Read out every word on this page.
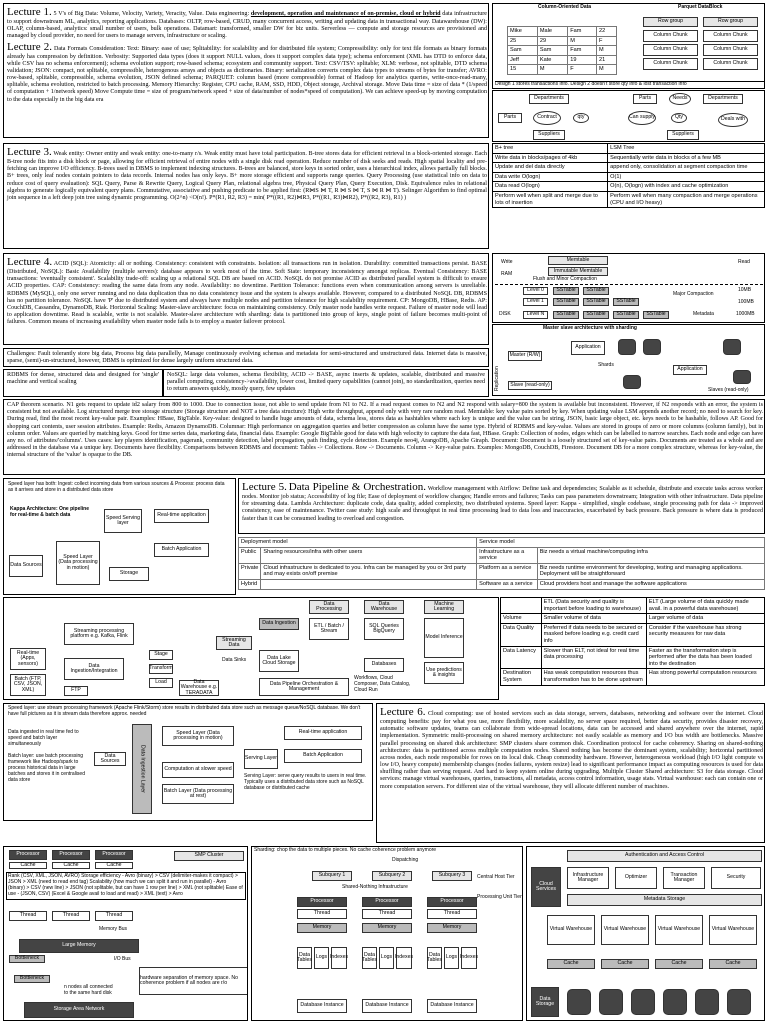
Lecture 1. 5 V's of Big Data: Volume, Velocity, Variety, Veracity, Value. Data engineering: development, operation and maintenance of on-premise, cloud or hybrid data infrastructure to support downstream ML, analytics, reporting applications. Databases: OLTP, row-based, CRUD, many concurrent access, writing and updating data in transactional way. Datawarehouse (DW): OLAP, column-based, analytics: small number of users, bulk operations. Datamart: transformed, smaller DW for biz units. Serverless — compute and storage resources are provisioned and managed by cloud provider, no need for users to manage servers, infrastructure or scaling.

Lecture 2. Data Formats Consideration: Text: Binary: ease of use; Splitability: for scalability and for distributed file system; Compressibility: only for text file formats as binary formats already has compression by definition. Verbosity: Supported data types (does it support NULL values, does it support complex data type); schema enforcement (XML has DTD to enforce data, while CSV has no schema enforcement); schema evolution support; row-based schema; ecosystem and community support. Text: CSV/TSV: splitable; XLM: verbose, not splitable, DTD schema validation; JSON: compact, not splitable, compressible, heterogenous arrays and objects as dictionaries. Binary: serialization converts complex data types to streams of bytes for transfer; AVRO: row-based, splitable, compressible, schema evolution, JSON defined schema; PARQUET: column based (more compressible) format of Hadoop for analytics queries, write-once-read-many, splitable, schema evolution, restricted to batch processing. Memory Hierarchy: Register, CPU cache, RAM, SSD, HDD, Object storage, Archival storage. Move Data time = size of data * (1/speed of computation + 1/network speed) Move Compute time = size of program/network speed + size of data/number of nodes*speed of computation). We can achieve speed-up by moving computation to the data especially in the big data era

Column-Oriented Data	Parquet DataBlock
Mike	Male	Fam	22
25	29	M	F
Sam	Sam	Fam	M
Jeff	Kate	19	21
15	M	F	M
Row group	Row group
Column Chunk
Column Chunk
Column Chunk
Column Chunk
Column Chunk
Column Chunk
Design 1 stores transactions info. Design 2 doesn't store qty info & lost transaction info
Departments
Parts	Contract
Suppliers
qty
Parts	Needs	Departments
Can supply
Suppliers
Qty	Deals with

Lecture 3. Weak entity: Owner entity and weak entity: one-to-many r/s. Weak entity must have total participation. B-tree stores data for efficient retrieval in a block-oriented storage. Each B-tree node fits into a disk block or page, allowing for efficient retrieval of entire nodes with a single disk read operation. Reduce number of disk seeks and reads. High spatial locality and pre-fetching can improve I/O efficiency. B-trees used in DBMS to implement indexing structures. B-trees are balanced, store keys in sorted order, uses a hierarchical index, allows partially full blocks. B+ trees, only leaf nodes contain pointers to data records. Internal nodes has only keys. B+ more storage efficient and supports range queries. Query Processing (use statistical info on data to reduce cost of query evaluation): SQL Query, Parse & Rewrite Query, Logical Query Plan, relational algebra tree, Physical Query Plan, Query Execution, Disk. Equivalence rules in relational algebra to generate logically equivalent query plans. Commutative, associative and pushing predicate to be applied first: (R⋈S ⋈ T, R ⋈ S ⋈ T, S ⋈ R ⋈ T). Selinger Algorithm to find optimal join sequence in a left deep join tree using dynamic programming. O(2^n) <O(n!). P*(R1, R2, R3) = min( P*((R1, R2)⋈R3, P*((R1, R3)⋈R2), P*((R2, R3), R1) )

B+ tree	LSM Tree
Write data in blocks/pages of 4kb	Sequentially write data in blocks of a few MB
Update and del data directly	append only, consolidation at segment compaction time
Data write O(logn)	O(1)
Data read O(logn)	O(n), O(logn) with index and cache optimization
Perform well when split and merge due to lots of insertion	Perform well when many compaction and merge operations (CPU and I/O heavy)

Lecture 4. ACID (SQL): Atomicity: all or nothing. Consistency: consistent with constraints. Isolation: all transactions run in isolation. Durability: committed transactions persist. BASE (Distributed, NoSQL): Basic Availability (multiple servers): database appears to work most of the time. Soft State: temporary inconsistency amongst replicas. Eventual Consistency: BASE transactions: 'eventually consistent'. Scalability trade-off: scaling up a relational SQL DB are based on ACID. NoSQL do not promise ACID as distributed parallel system is difficult to ensure ACID properties. CAP: Consistency: reading the same data from any node. Availability: no downtime. Partition Tolerance: functions even when communication among servers is unreliable. RDBMS (MySQL), only one server running and no data duplication thus no data consistency issue and the system is always available. However, compared to a distributed NoSQL DB, RDBMS has no partition tolerance. NoSQL have 'P' due to distributed system and always have multiple nodes and partition tolerance for high scalability requirement. CP: MongoDB, HBase, Redis. AP: CouchDB, Cassandra, DynamoDB, Riak. Horizontal Scaling: Master-slave architecture: focus on maintaining consistency. Only master node handles write request. Failure of master node will lead to application downtime. Read is scalable, write is not scalable. Master-slave architecture with sharding: data is partitioned into group of keys, single point of failure becomes multi-point of failures. Common means of increasing availability when master node fails is to employ a master failover protocol.

Write	Memtable	Read
RAM
Immutable Memtable
Flush and Minor Compaction
Level 0
Level 1
Level N
DISK
SSTable	SSTable
SSTable	SSTable	SSTable
SSTable	SSTable	SSTable	SSTable
Major Compaction
10MB
100MB
1000MB
Metadata
Master slave architecture with sharding
Master (R/W)
Application
Application
Replication	Slave (read-only)
Slaves (read-only)
Shards

Challenges: Fault tolerantly store big data, Process big data parallelly, Manage continuously evolving schemas and metadata for semi-structured and unstructured data. Internet data is massive, sparse, (semi)-un-structured, however, DBMS is optimized for dense largely uniform structured data.

RDBMS for dense, structured data and designed for 'single' machine and vertical scaling

NoSQL: large data volumes, schema flexibility, ACID -> BASE, async inserts & updates, scalable, distributed and massive parallel computing, consistency->availability, lower cost, limited query capabilities (cannot join), no standardization, queries need to return answers quickly, mostly query, few updates

CAP theorem scenario. N1 gets request to update id2 salary from 800 to 1000. Due to connection issue, not able to send update from N1 to N2. If a read request comes to N2 and N2 respond with salary=800 the system is available but inconsistent. However, if N2 responds with an error, the system is consistent but not available. Log structured merge tree storage structure (Storage structure and NOT a tree data structure): High write throughput, append only with very rare random read. Memtable: key value pairs sorted by key. When updating value LSM appends another record; no need to search for key. During read, find the most recent key-value pair. Examples: HBase, BigTable. Key-value: designed to handle huge amounts of data, schema less, stores data as hashtables where each key is unique and the value can be string, JSON, basic large object, etc. keys needs to be hashable, follows AP. Good for shopping cart contents, user session attributes. Example: Redis, Amazon DynamoDB. Columnar: High performance on aggregation queries and better compression as column have the same type. Hybrid of RDBMS and key-value. Values are stored in groups of zero or more columns (column family), but in column order. Values are queried by matching keys. Good for time series data, marketing data, financial data. Example: Google BigTable good for data with high velocity to capture the data fast, HBase. Graph: Collection of nodes, edges which can be labelled to narrow searches. Each node and edge can have any no. of attributes/'columns'. Uses cases: key players identification, pagerank, community detection, label propagation, path finding, cycle detection. Example neo4j, ArangoDB, Apache Giraph. Document: Document is a loosely structured set of key-value pairs. Documents are treated as a whole and are addressed in the database via a unique key. Documents have flexibility. Comparisons between RDBMS and document: Tables -> Collections. Row -> Documents. Column -> Key-value pairs. Examples: MongoDB, CouchDB, Firestore. Document DB for a more complex structure, whereas for key-value, the internal structure of the 'value' is opaque to the DB.

Speed layer has both: Ingest: collect incoming data from various sources & Process: process data as it arrives and store in a distributed data store
Kappa Architecture: One pipeline for real-time & batch data	Speed Serving layer
Real-time application
Data Sources
Speed Layer (Data processing in motion)
Batch Application
Storage

Lecture 5. Data Pipeline & Orchestration. Workflow management with Airflow: Define task and dependencies; Scalable as it schedule, distribute and execute tasks across worker nodes. Monitor job status; Accessibility of log file; Ease of deployment of workflow changes; Handle errors and failures; Tasks can pass parameters downstream; Integration with other infrastructure. Data pipeline for streaming data. Lambda Architecture: duplicate code, data quality, added complexity, two distributed systems. Speed layer: Kappa - simplified, single codebase, single processing path for data -> improved consistency, ease of maintenance. Twitter case study: high scale and throughput in real time processing lead to data loss and inaccuracies, exacerbated by back pressure. Back pressure is where data is produced faster than it can be consumed leading to overload and congestion.

Deployment model		Service model	
Public	Sharing resources/infra with other users	Infrastructure as a service	Biz needs a virtual machine/computing infra
Private	Cloud infrastructure is dedicated to you. Infra can be managed by you or 3rd party and may exists on/off premise	Platform as a service	Biz needs runtime environment for developing, testing and managing applications. Deployment will be straightforward
Hybrid		Software as a service	Cloud providers host and manage the software applications
Data Processing
Data Warehouse
Machine Learning
Streaming processing platform e.g. Kafka, Flink
Data Ingestion	ETL / Batch / Stream
SQL Queries BigQuery
Model Inference
Real-time (Apps, sensors)
Streaming Data
Batch (FTP, CSV, JSON, XML)
Stage
Transform
Load	Data Warehouse e.g. TERADATA
Data Ingestion/Integration
Data Lake Cloud Storage
Data Pipeline Orchestration & Management
Use predictions & insights
Databases
Data Sinks
FTP
Workflows, Cloud Composer, Data Catalog, Cloud Run
	ETL (Data security and quality is important before loading to warehouse)	ELT (Large volume of data quickly made avail. in a powerful data warehouse)
Volume	Smaller volume of data	Larger volume of data
Data Quality	Preferred if data needs to be secured or masked before loading e.g. credit card info	Consider if the warehouse has strong security measures for raw data
Data Latency	Slower than ELT, not ideal for real time data processing	Faster as the transformation step is performed after the data has been loaded into the destination
Destination System	Has weak computation resources thus transformation has to be done upstream	Has strong powerful computation resources
Speed layer: use stream processing framework (Apache Flink/Storm) store results in distributed data store such as message queue/NoSQL database. We don't have full pictures as it is stream data therefore approx. needed
Data ingested in real time fed to speed and batch layer simultaneously
Batch layer: use batch processing framework like Hadoop/spark to process historical data in large batches and stores it in centralised data store
Data Sources	Data Ingestion Layer
Speed Layer (Data processing in motion)
Real-time application
Serving Layer
Computation at slower speed
Batch Layer (Data processing at rest)
Batch Application
Serving Layer: serve query results to users in real time. Typically uses a distributed data store such as NoSQL database or distributed cache

Lecture 6. Cloud computing: use of hosted services such as data storage, servers, databases, networking and software over the internet. Cloud computing benefits: pay for what you use, more flexibility, more scalability, no server space required, better data security, provides disaster recovery, automatic software updates, teams can collaborate from wide-spread locations, data can be accessed and shared anywhere over the internet, rapid implementation. Symmetric multi-processing on shared memory architecture: not easily scalable as memory and I/O bus width are bottlenecks. Massive parallel processing on shared disk architecture: SMP clusters share common disk. Coordination protocol for cache coherency. Sharing on shared-nothing architecture: data is partitioned across multiple computation nodes. Shared nothing has become the dominant system, scalability; horizontal partitioned across nodes, each node responsible for rows on its local disk. Cheap commodity hardware. However, heterogeneous workload (high I/O light compute vs low I/O, heavy compute) membership changes (nodes failures, system resize) lead to significant performance impact as computing resources is used for data shuffling rather than serving request. And hard to keep system online during upgrading. Multiple Cluster Shared architecture: S3 for data storage. Cloud services: manage virtual warehouses, queries, transactions, all metadata, access control information, usage stats. Virtual warehouse: each can contain one or more computation servers. For different size of the virtual warehouse, they will allocate different number of machines.

Processor	Processor	Processor
Cache	Cache	Cache
Rank (CSV, XML, JSON, AVRO) Storage efficiency - Avro (binary) > CSV (delimiter-makes it compact) > JSON > XML (need to read end tag) Scalability (how much we can split it and run in parallel) - Avro (binary) > CSV (new line) > JSON (not splitable, but can have 1 row per line) > XML (not splitable) Ease of use - (JSON, CSV) (Excel & Google avail to load and read) > XML (text) > Avro
Thread	Thread	Thread
Memory Bus
Large Memory
Bottleneck
hardware separation of memory space. No coherence problem if all nodes are r/o
I/O Bus
Bottleneck
n nodes all connected to the same hard disk
Storage Area Network
SMP Cluster
Sharding: chop the data to multiple pieces. No cache coherence problem anymore
Dispatching
Subquery 1	Subquery 2	Subquery 3	Central Host Tier
Processing Unit Tier
Shared-Nothing Infrastructure
Processor	Processor	Processor
Thread	Thread	Thread
Memory	Memory	Memory
Data Tables Logs Indexes	Data Tables Logs Indexes	Data Tables Logs Indexes
Database Instance	Database Instance	Database Instance
Authentication and Access Control
Cloud Services
Infrastructure Manager	Optimizer	Transaction Manager	Security
Metadata Storage
Virtual Warehouse	Virtual Warehouse	Virtual Warehouse	Virtual Warehouse
Cache	Cache	Cache	Cache
Data Storage
